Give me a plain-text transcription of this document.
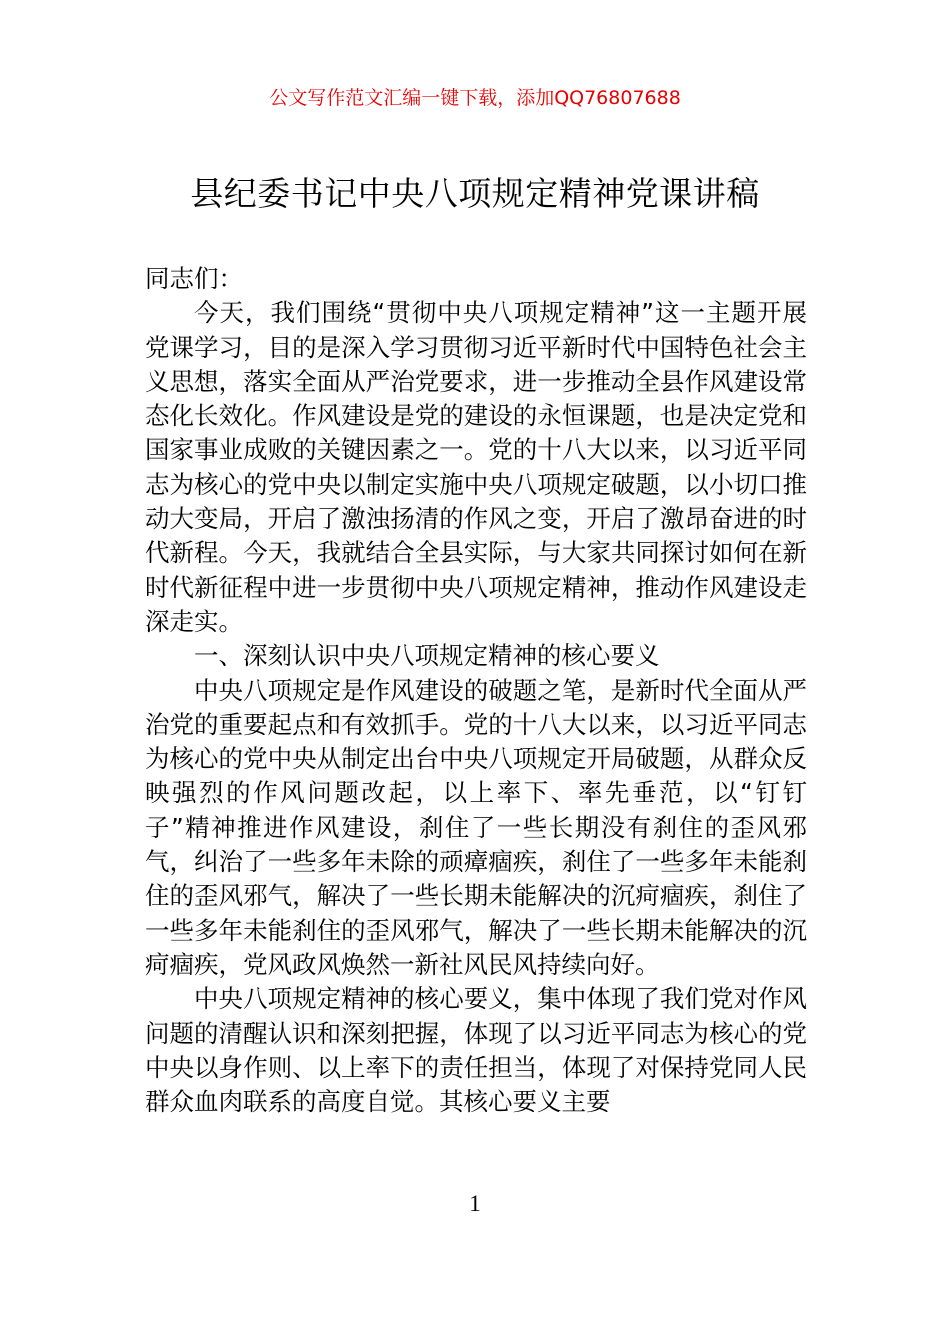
公文写作范文汇编一键下载，添加QQ76807688
县纪委书记中央八项规定精神党课讲稿

同志们：

今天，我们围绕“贯彻中央八项规定精神”这一主题开展党课学习，目的是深入学习贯彻习近平新时代中国特色社会主义思想，落实全面从严治党要求，进一步推动全县作风建设常态化长效化。作风建设是党的建设的永恒课题，也是决定党和国家事业成败的关键因素之一。党的十八大以来，以习近平同志为核心的党中央以制定实施中央八项规定破题，以小切口推动大变局，开启了激浊扬清的作风之变，开启了激昂奋进的时代新程。今天，我就结合全县实际，与大家共同探讨如何在新时代新征程中进一步贯彻中央八项规定精神，推动作风建设走深走实。

一、深刻认识中央八项规定精神的核心要义

中央八项规定是作风建设的破题之笔，是新时代全面从严治党的重要起点和有效抓手。党的十八大以来，以习近平同志为核心的党中央从制定出台中央八项规定开局破题，从群众反映强烈的作风问题改起，以上率下、率先垂范，以“钉钉子”精神推进作风建设，刹住了一些长期没有刹住的歪风邪气，纠治了一些多年未除的顽瘴痼疾，刹住了一些多年未能刹住的歪风邪气，解决了一些长期未能解决的沉疴痼疾，刹住了一些多年未能刹住的歪风邪气，解决了一些长期未能解决的沉疴痼疾，党风政风焕然一新社风民风持续向好。

中央八项规定精神的核心要义，集中体现了我们党对作风问题的清醒认识和深刻把握，体现了以习近平同志为核心的党中央以身作则、以上率下的责任担当，体现了对保持党同人民群众血肉联系的高度自觉。其核心要义主要

1
